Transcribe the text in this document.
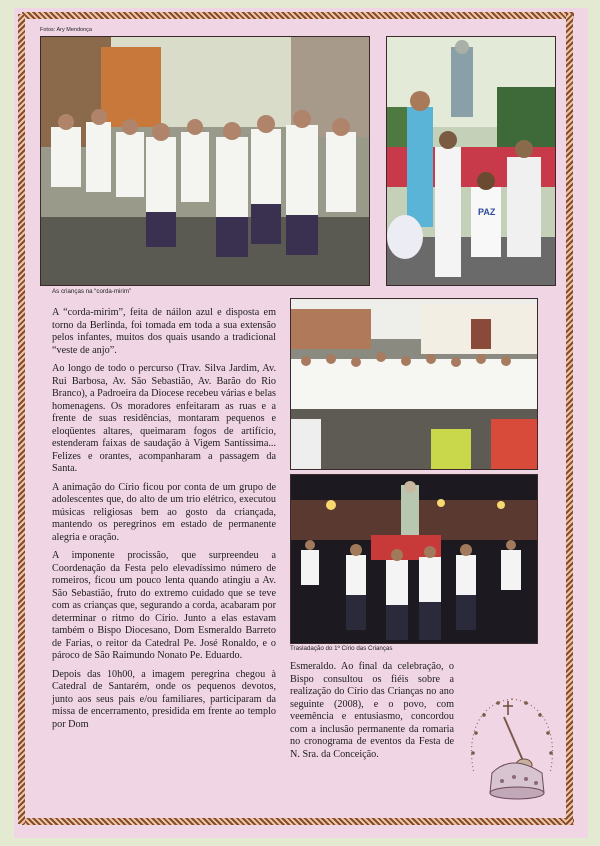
Fotos: Ary Mendonça

PAZ

As crianças na “corda-mirim”

Trasladação do 1º Círio das Crianças

A “corda-mirim”, feita de náilon azul e disposta em torno da Berlinda, foi tomada em toda a sua extensão pelos infantes, muitos dos quais usando a tradicional “veste de anjo”.

Ao longo de todo o percurso (Trav. Silva Jardim, Av. Rui Barbosa, Av. São Sebastião, Av. Barão do Rio Branco), a Padroeira da Diocese recebeu várias e belas homenagens. Os moradores enfeitaram as ruas e a frente de suas residências, montaram pequenos e eloqüentes altares, queimaram fogos de artifício, estenderam faixas de saudação à Vigem Santíssima... Felizes e orantes, acompanharam a passagem da Santa.

A animação do Círio ficou por conta de um grupo de adolescentes que, do alto de um trio elétrico, executou músicas religiosas bem ao gosto da criançada, mantendo os peregrinos em estado de permanente alegria e oração.

A imponente procissão, que surpreendeu a Coordenação da Festa pelo elevadíssimo número de romeiros, ficou um pouco lenta quando atingiu a Av. São Sebastião, fruto do extremo cuidado que se teve com as crianças que, segurando a corda, acabaram por determinar o ritmo do Círio. Junto a elas estavam também o Bispo Diocesano, Dom Esmeraldo Barreto de Farias, o reitor da Catedral Pe. José Ronaldo, e o pároco de São Raimundo Nonato Pe. Eduardo.

Depois das 10h00, a imagem peregrina chegou à Catedral de Santarém, onde os pequenos devotos, junto aos seus pais e/ou familiares, participaram da missa de encerramento, presidida em frente ao templo por Dom

Esmeraldo. Ao final da celebração, o Bispo consultou os fiéis sobre a realização do Círio das Crianças no ano seguinte (2008), e o povo, com veemência e entusiasmo, concordou com a inclusão permanente da romaria no cronograma de eventos da Festa de N. Sra. da Conceição.
